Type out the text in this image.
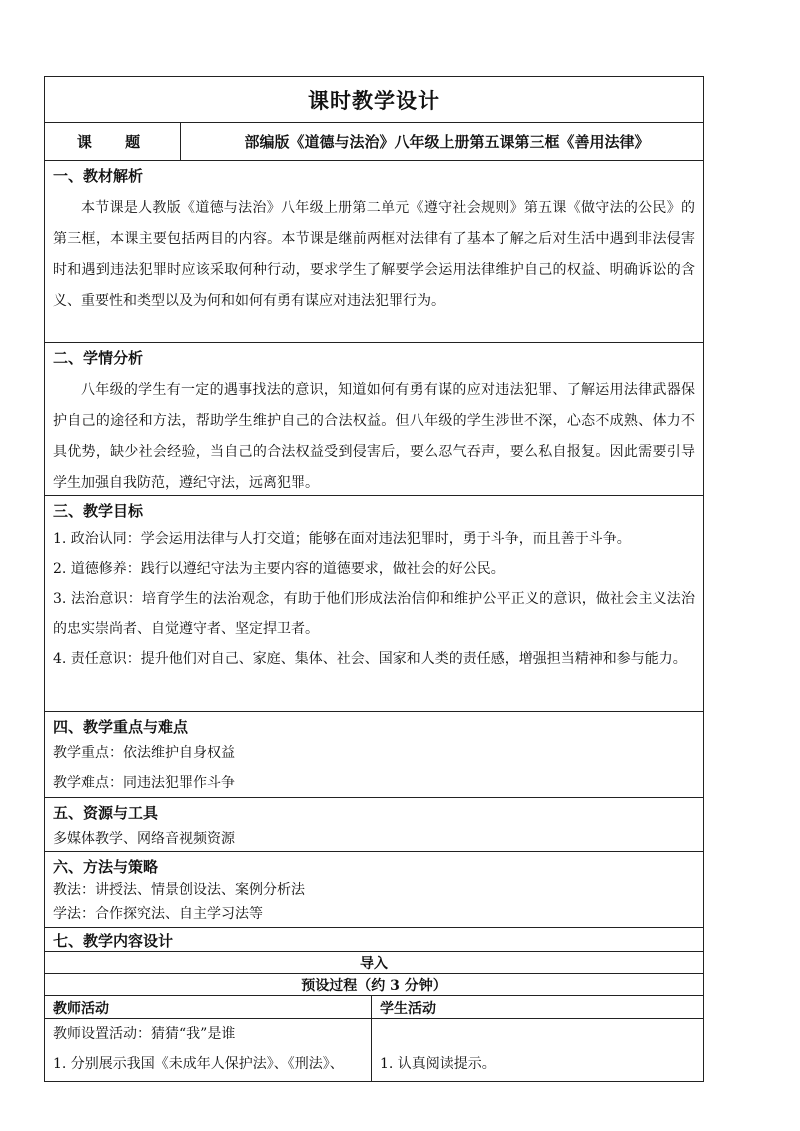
课时教学设计
课 题	部编版《道德与法治》八年级上册第五课第三框《善用法律》
一、教材解析

本节课是人教版《道德与法治》八年级上册第二单元《遵守社会规则》第五课《做守法的公民》的第三框，本课主要包括两目的内容。本节课是继前两框对法律有了基本了解之后对生活中遇到非法侵害时和遇到违法犯罪时应该采取何种行动，要求学生了解要学会运用法律维护自己的权益、明确诉讼的含义、重要性和类型以及为何和如何有勇有谋应对违法犯罪行为。

二、学情分析

八年级的学生有一定的遇事找法的意识，知道如何有勇有谋的应对违法犯罪、了解运用法律武器保护自己的途径和方法，帮助学生维护自己的合法权益。但八年级的学生涉世不深，心态不成熟、体力不具优势，缺少社会经验，当自己的合法权益受到侵害后，要么忍气吞声，要么私自报复。因此需要引导学生加强自我防范，遵纪守法，远离犯罪。

三、教学目标

1. 政治认同：学会运用法律与人打交道；能够在面对违法犯罪时，勇于斗争，而且善于斗争。

2. 道德修养：践行以遵纪守法为主要内容的道德要求，做社会的好公民。

3. 法治意识：培育学生的法治观念，有助于他们形成法治信仰和维护公平正义的意识，做社会主义法治的忠实崇尚者、自觉遵守者、坚定捍卫者。

4. 责任意识：提升他们对自己、家庭、集体、社会、国家和人类的责任感，增强担当精神和参与能力。

四、教学重点与难点

教学重点：依法维护自身权益

教学难点：同违法犯罪作斗争

五、资源与工具

多媒体教学、网络音视频资源

六、方法与策略

教法：讲授法、情景创设法、案例分析法

学法：合作探究法、自主学习法等

七、教学内容设计
导入
预设过程（约 3 分钟）
教师活动	学生活动

教师设置活动：猜猜“我”是谁

1. 分别展示我国《未成年人保护法》、《刑法》、	1. 认真阅读提示。
